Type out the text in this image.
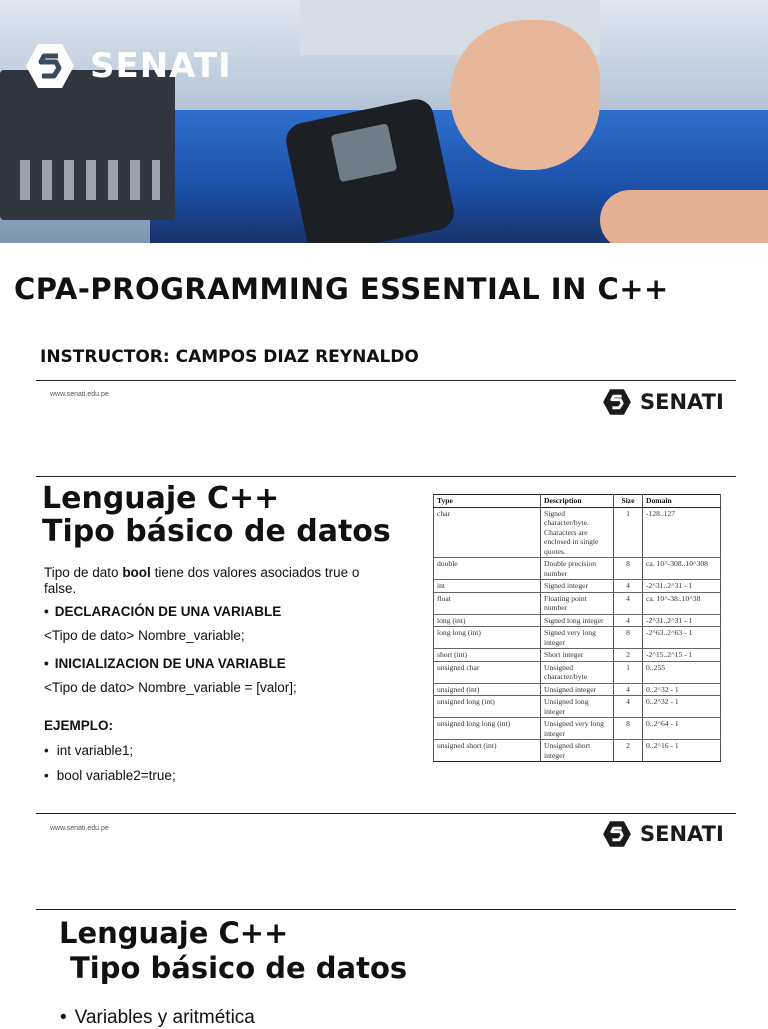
SENATI
CPA-PROGRAMMING ESSENTIAL IN C++
INSTRUCTOR: CAMPOS DIAZ REYNALDO
www.senati.edu.pe	SENATI
Lenguaje C++
Tipo básico de datos

Tipo de dato bool tiene dos valores asociados true o false.

• DECLARACIÓN DE UNA VARIABLE

<Tipo de dato> Nombre_variable;

• INICIALIZACION DE UNA VARIABLE

<Tipo de dato> Nombre_variable = [valor];

EJEMPLO:

• int variable1;

• bool variable2=true;

Type	Description	Size	Domain
char	Signed character/byte. Characters are enclosed in single quotes.	1	-128..127
double	Double precision number	8	ca. 10^-308..10^308
int	Signed integer	4	-2^31..2^31 - 1
float	Floating point number	4	ca. 10^-38..10^38
long (int)	Signed long integer	4	-2^31..2^31 - 1
long long (int)	Signed very long integer	8	-2^63..2^63 - 1
short (int)	Short integer	2	-2^15..2^15 - 1
unsigned char	Unsigned character/byte	1	0..255
unsigned (int)	Unsigned integer	4	0..2^32 - 1
unsigned long (int)	Unsigned long integer	4	0..2^32 - 1
unsigned long long (int)	Unsigned very long integer	8	0..2^64 - 1
unsigned short (int)	Unsigned short integer	2	0..2^16 - 1
www.senati.edu.pe	SENATI
Lenguaje C++
Tipo básico de datos
• Variables y aritmética
